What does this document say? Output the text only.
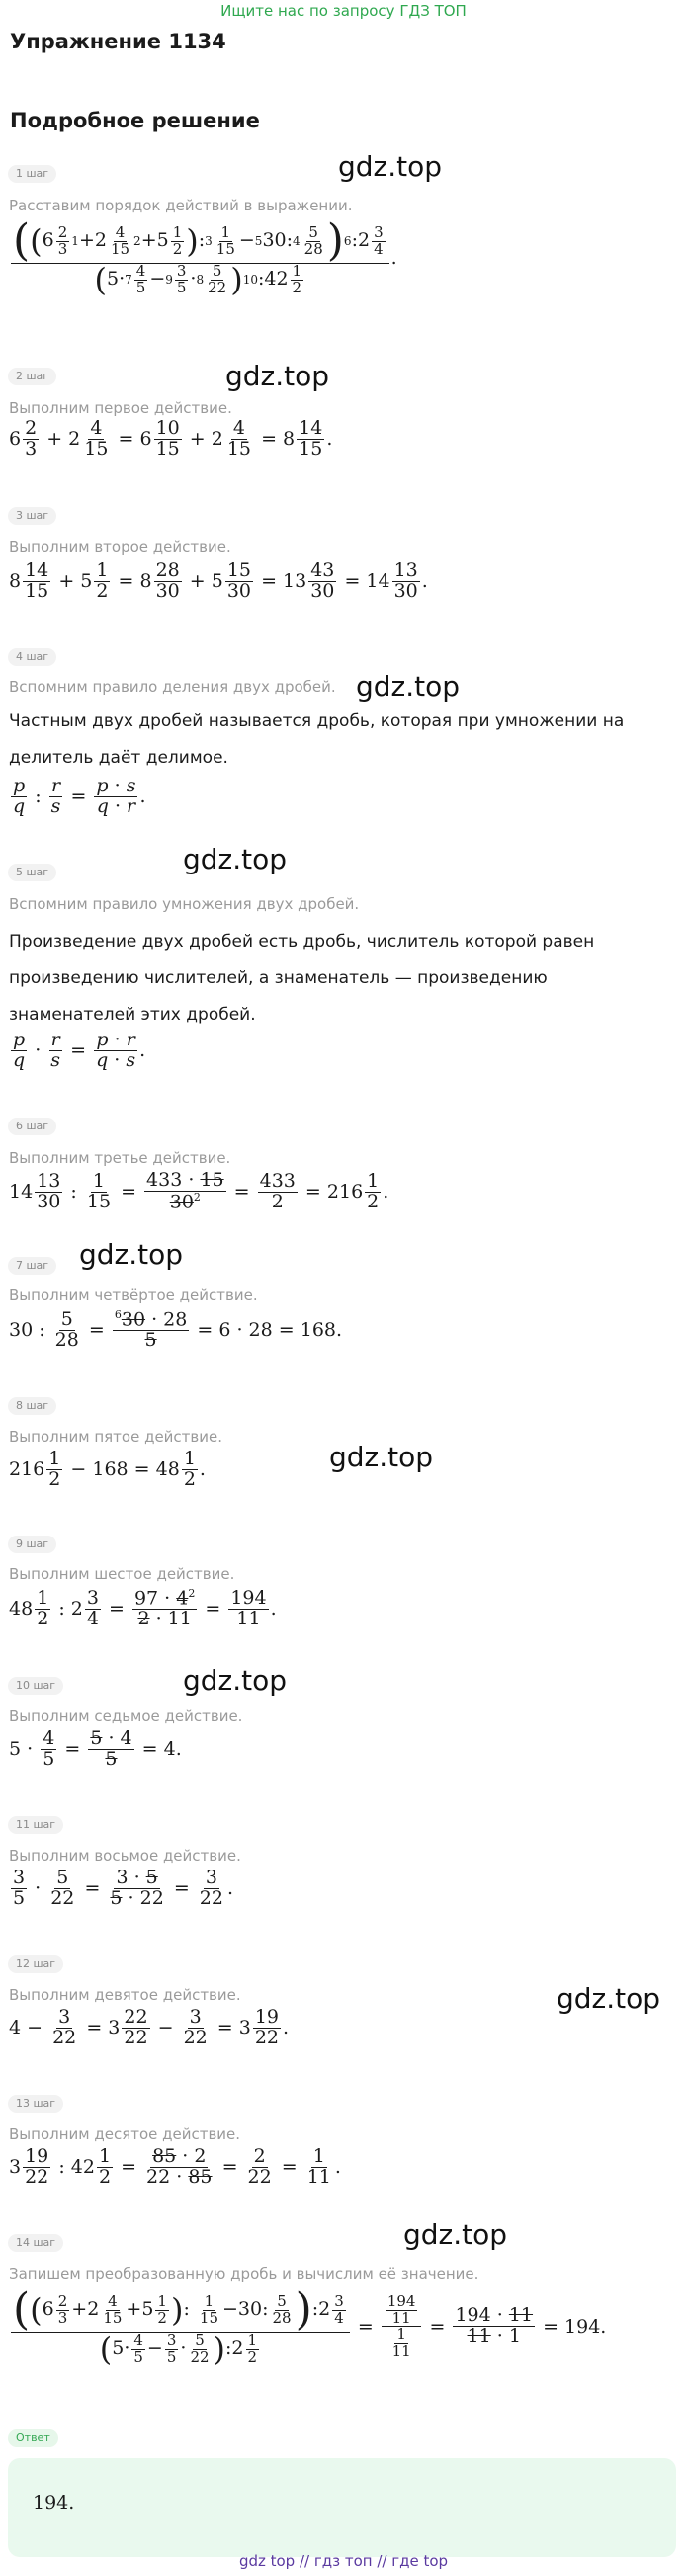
Ищите нас по запросу ГДЗ ТОП
Упражнение 1134
Подробное решение
gdz.top
gdz.top
gdz.top
gdz.top
gdz.top
gdz.top
gdz.top
gdz.top
gdz.top
1 шаг
Расставим порядок действий в выражении.
$\frac{( ( 6 \frac{2}{3} 1 +2 \frac{4}{15} 2 +5 \frac{1}{2} ) : 3 \frac{1}{15} - 5 30: 4 \frac{5}{28} ) 6 :2 \frac{3}{4}}{( 5\cdot 7 \frac{4}{5} - 9 \frac{3}{5} \cdot 8 \frac{5}{22} ) 10 :42 \frac{1}{2}}$ .
2 шаг
Выполним первое действие.
$6 \frac{2}{3} + 2 \frac{4}{15} = 6 \frac{10}{15} + 2 \frac{4}{15} = 8 \frac{14}{15}$ .
3 шаг
Выполним второе действие.
$8 \frac{14}{15} + 5 \frac{1}{2} = 8 \frac{28}{30} + 5 \frac{15}{30} = 13 \frac{43}{30} = 14 \frac{13}{30}$ .
4 шаг
Вспомним правило деления двух дробей.
Частным двух дробей называется дробь, которая при умножении на делитель даёт делимое.
$\frac{p}{q}$ : $\frac{r}{s} = \frac{p \cdot s}{q \cdot r}$ .
5 шаг
Вспомним правило умножения двух дробей.
Произведение двух дробей есть дробь, числитель которой равен произведению числителей, а знаменатель — произведению знаменателей этих дробей.
$\frac{p}{q} \cdot \frac{r}{s} = \frac{p \cdot r}{q \cdot s}$ .
6 шаг
Выполним третье действие.
$14 \frac{13}{30}$ : $\frac{1}{15} = \frac{433 \cdot 15}{30^2} = \frac{433}{2} = 216 \frac{1}{2}$ .
7 шаг
Выполним четвёртое действие.
30 : $\frac{5}{28} = \frac{^630 \cdot 28}{5} = 6 \cdot 28 = 168$.
8 шаг
Выполним пятое действие.
$216 \frac{1}{2} - 168 = 48 \frac{1}{2}$ .
9 шаг
Выполним шестое действие.
$48 \frac{1}{2}$ : $2 \frac{3}{4} = \frac{97 \cdot 4^2}{2 \cdot 11} = \frac{194}{11}$ .
10 шаг
Выполним седьмое действие.
$5 \cdot \frac{4}{5} = \frac{5 \cdot 4}{5} = 4$.
11 шаг
Выполним восьмое действие.
$\frac{3}{5} \cdot \frac{5}{22} = \frac{3 \cdot 5}{5 \cdot 22} = \frac{3}{22}$ .
12 шаг
Выполним девятое действие.
$4 - \frac{3}{22} = 3 \frac{22}{22} - \frac{3}{22} = 3 \frac{19}{22}$ .
13 шаг
Выполним десятое действие.
$3 \frac{19}{22}$ : $42 \frac{1}{2} = \frac{85 \cdot 2}{22 \cdot 85} = \frac{2}{22} = \frac{1}{11}$ .
14 шаг
Запишем преобразованную дробь и вычислим её значение.
$\frac{( ( 6 \frac{2}{3} +2 \frac{4}{15} +5 \frac{1}{2} ) : \frac{1}{15} -30: \frac{5}{28} ) :2 \frac{3}{4}}{( 5\cdot \frac{4}{5} - \frac{3}{5} \cdot \frac{5}{22} ) :2 \frac{1}{2}} = \frac{\frac{194}{11}}{\frac{1}{11}} = \frac{194 \cdot 11}{11 \cdot 1} = 194$.
Ответ
194.
gdz top // гдз топ // где top
